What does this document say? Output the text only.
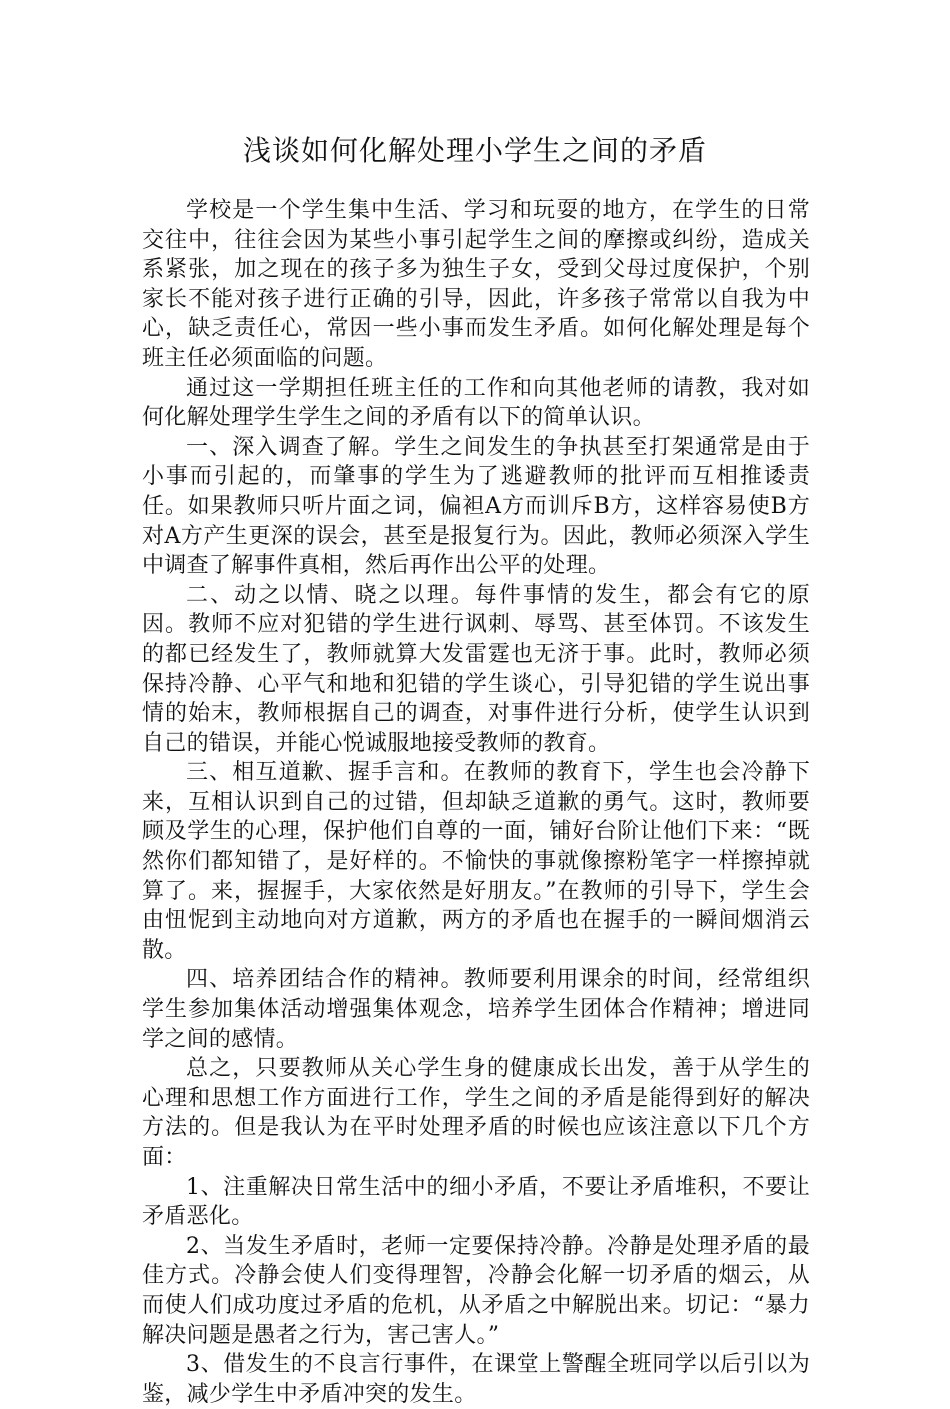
浅谈如何化解处理小学生之间的矛盾

学校是一个学生集中生活、学习和玩耍的地方，在学生的日常交往中，往往会因为某些小事引起学生之间的摩擦或纠纷，造成关系紧张，加之现在的孩子多为独生子女，受到父母过度保护，个别家长不能对孩子进行正确的引导，因此，许多孩子常常以自我为中心，缺乏责任心，常因一些小事而发生矛盾。如何化解处理是每个班主任必须面临的问题。

通过这一学期担任班主任的工作和向其他老师的请教，我对如何化解处理学生学生之间的矛盾有以下的简单认识。

一、深入调查了解。学生之间发生的争执甚至打架通常是由于小事而引起的，而肇事的学生为了逃避教师的批评而互相推诿责任。如果教师只听片面之词，偏袒A方而训斥B方，这样容易使B方对A方产生更深的误会，甚至是报复行为。因此，教师必须深入学生中调查了解事件真相，然后再作出公平的处理。

二、动之以情、晓之以理。每件事情的发生，都会有它的原因。教师不应对犯错的学生进行讽刺、辱骂、甚至体罚。不该发生的都已经发生了，教师就算大发雷霆也无济于事。此时，教师必须保持冷静、心平气和地和犯错的学生谈心，引导犯错的学生说出事情的始末，教师根据自己的调查，对事件进行分析，使学生认识到自己的错误，并能心悦诚服地接受教师的教育。

三、相互道歉、握手言和。在教师的教育下，学生也会冷静下来，互相认识到自己的过错，但却缺乏道歉的勇气。这时，教师要顾及学生的心理，保护他们自尊的一面，铺好台阶让他们下来：“既然你们都知错了，是好样的。不愉快的事就像擦粉笔字一样擦掉就算了。来，握握手，大家依然是好朋友。”在教师的引导下，学生会由忸怩到主动地向对方道歉，两方的矛盾也在握手的一瞬间烟消云散。

四、培养团结合作的精神。教师要利用课余的时间，经常组织学生参加集体活动增强集体观念，培养学生团体合作精神；增进同学之间的感情。

总之，只要教师从关心学生身的健康成长出发，善于从学生的心理和思想工作方面进行工作，学生之间的矛盾是能得到好的解决方法的。但是我认为在平时处理矛盾的时候也应该注意以下几个方面：

1、注重解决日常生活中的细小矛盾，不要让矛盾堆积，不要让矛盾恶化。

2、当发生矛盾时，老师一定要保持冷静。冷静是处理矛盾的最佳方式。冷静会使人们变得理智，冷静会化解一切矛盾的烟云，从而使人们成功度过矛盾的危机，从矛盾之中解脱出来。切记：“暴力解决问题是愚者之行为，害己害人。”

3、借发生的不良言行事件，在课堂上警醒全班同学以后引以为鉴，减少学生中矛盾冲突的发生。
